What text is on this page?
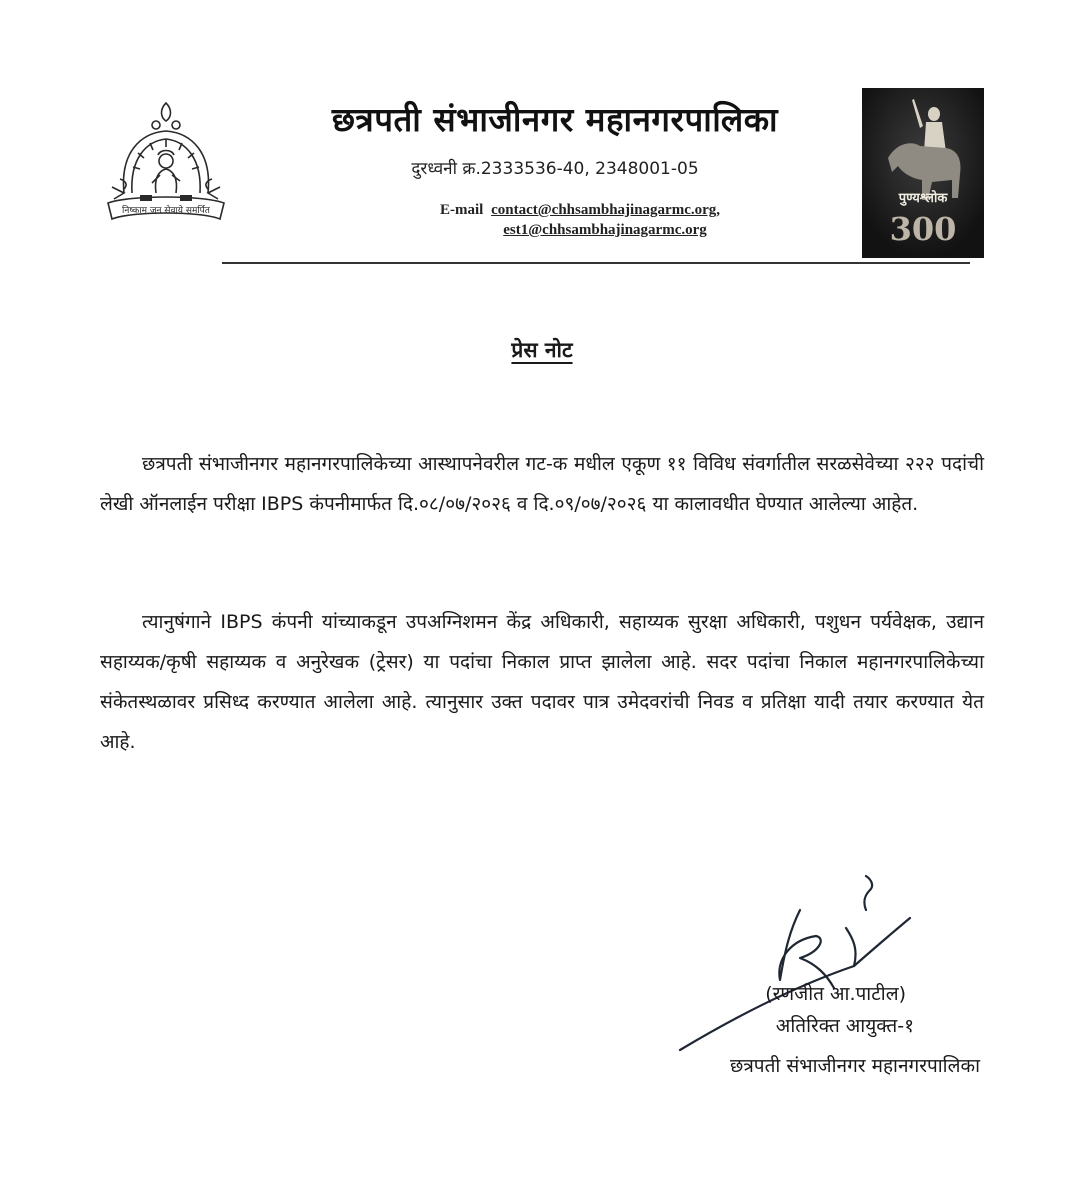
निष्काम जन सेवाये समर्पित
छत्रपती संभाजीनगर महानगरपालिका
दुरध्वनी क्र.2333536-40, 2348001-05
E-mail contact@chhsambhajinagarmc.org,
est1@chhsambhajinagarmc.org
पुण्यश्लोक
300
प्रेस नोट

छत्रपती संभाजीनगर महानगरपालिकेच्या आस्थापनेवरील गट-क मधील एकूण ११ विविध संवर्गातील सरळसेवेच्या २२२ पदांची लेखी ऑनलाईन परीक्षा IBPS कंपनीमार्फत दि.०८/०७/२०२६ व दि.०९/०७/२०२६ या कालावधीत घेण्यात आलेल्या आहेत.

त्यानुषंगाने IBPS कंपनी यांच्याकडून उपअग्निशमन केंद्र अधिकारी, सहाय्यक सुरक्षा अधिकारी, पशुधन पर्यवेक्षक, उद्यान सहाय्यक/कृषी सहाय्यक व अनुरेखक (ट्रेसर) या पदांचा निकाल प्राप्त झालेला आहे. सदर पदांचा निकाल महानगरपालिकेच्या संकेतस्थळावर प्रसिध्द करण्यात आलेला आहे. त्यानुसार उक्त पदावर पात्र उमेदवरांची निवड व प्रतिक्षा यादी तयार करण्यात येत आहे.

(रणजीत आ.पाटील)
अतिरिक्त आयुक्त-१
छत्रपती संभाजीनगर महानगरपालिका
